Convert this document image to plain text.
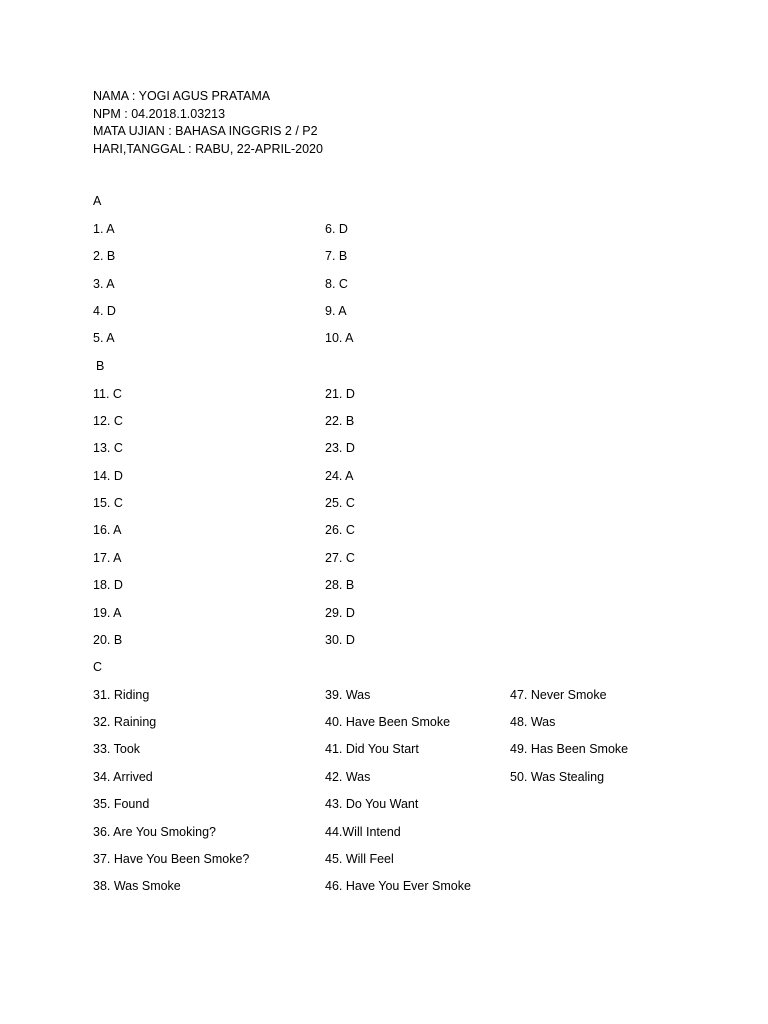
NAMA : YOGI AGUS PRATAMA
NPM : 04.2018.1.03213
MATA UJIAN : BAHASA INGGRIS 2 / P2
HARI,TANGGAL : RABU, 22-APRIL-2020
A
1. A
2. B
3. A
4. D
5. A
6. D
7. B
8. C
9. A
10. A
B
11. C
12. C
13. C
14. D
15. C
16. A
17. A
18. D
19. A
20. B
21. D
22. B
23. D
24. A
25. C
26. C
27. C
28. B
29. D
30. D
C
31. Riding
32. Raining
33. Took
34. Arrived
35. Found
36. Are You Smoking?
37. Have You Been Smoke?
38. Was Smoke
39. Was
40. Have Been Smoke
41. Did You Start
42. Was
43. Do You Want
44.Will Intend
45. Will Feel
46. Have You Ever Smoke
47. Never Smoke
48. Was
49. Has Been Smoke
50. Was Stealing
